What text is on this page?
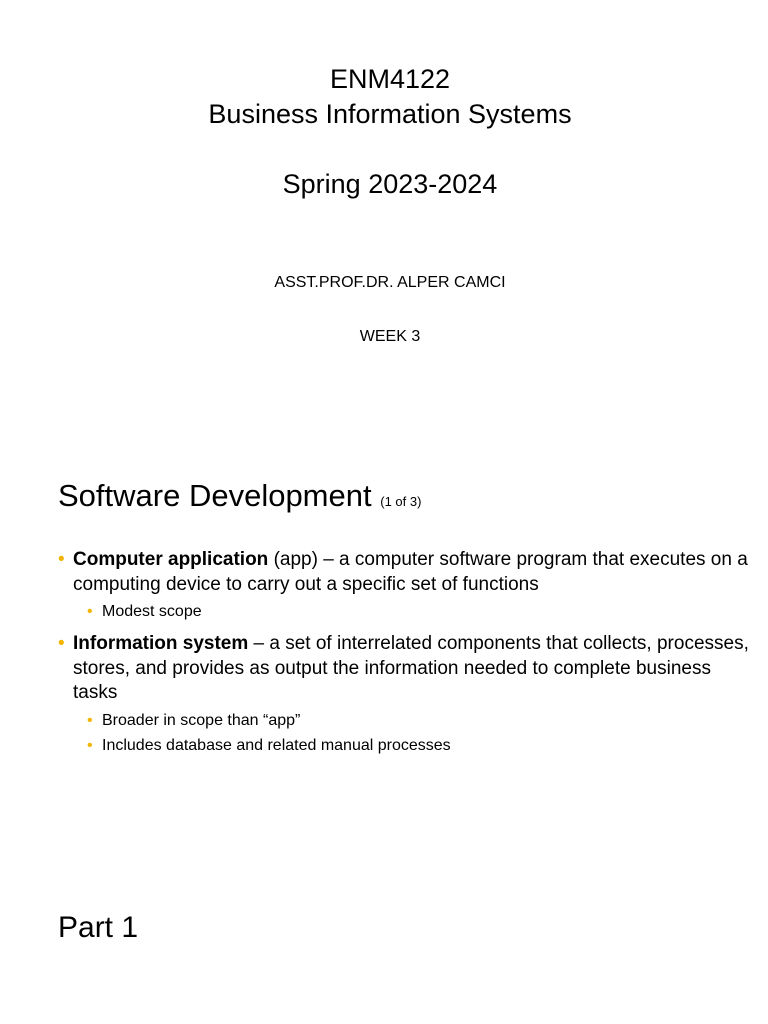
ENM4122
Business Information Systems
Spring 2023-2024
ASST.PROF.DR. ALPER CAMCI
WEEK 3
Software Development (1 of 3)
• Computer application (app) – a computer software program that executes on a computing device to carry out a specific set of functions
• Modest scope
• Information system – a set of interrelated components that collects, processes, stores, and provides as output the information needed to complete business tasks
• Broader in scope than “app”
• Includes database and related manual processes
Part 1
